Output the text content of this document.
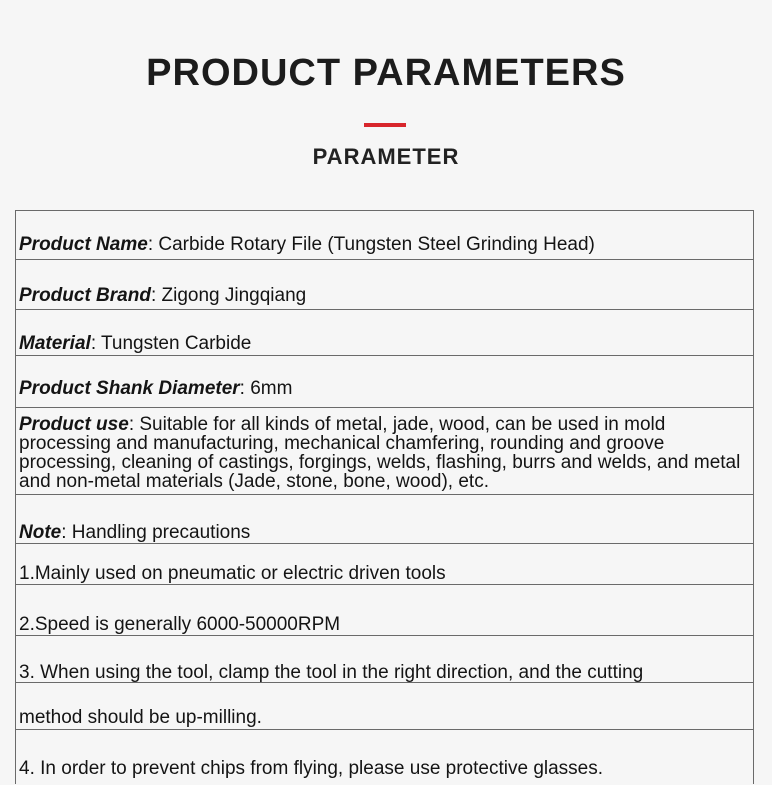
PRODUCT PARAMETERS
PARAMETER
Product Name: Carbide Rotary File (Tungsten Steel Grinding Head)
Product Brand: Zigong Jingqiang
Material: Tungsten Carbide
Product Shank Diameter: 6mm
Product use: Suitable for all kinds of metal, jade, wood, can be used in mold processing and manufacturing, mechanical chamfering, rounding and groove processing, cleaning of castings, forgings, welds, flashing, burrs and welds, and metal and non-metal materials (Jade, stone, bone, wood), etc.
Note: Handling precautions
1.Mainly used on pneumatic or electric driven tools
2.Speed is generally 6000-50000RPM
3. When using the tool, clamp the tool in the right direction, and the cutting
method should be up-milling.
4. In order to prevent chips from flying, please use protective glasses.
